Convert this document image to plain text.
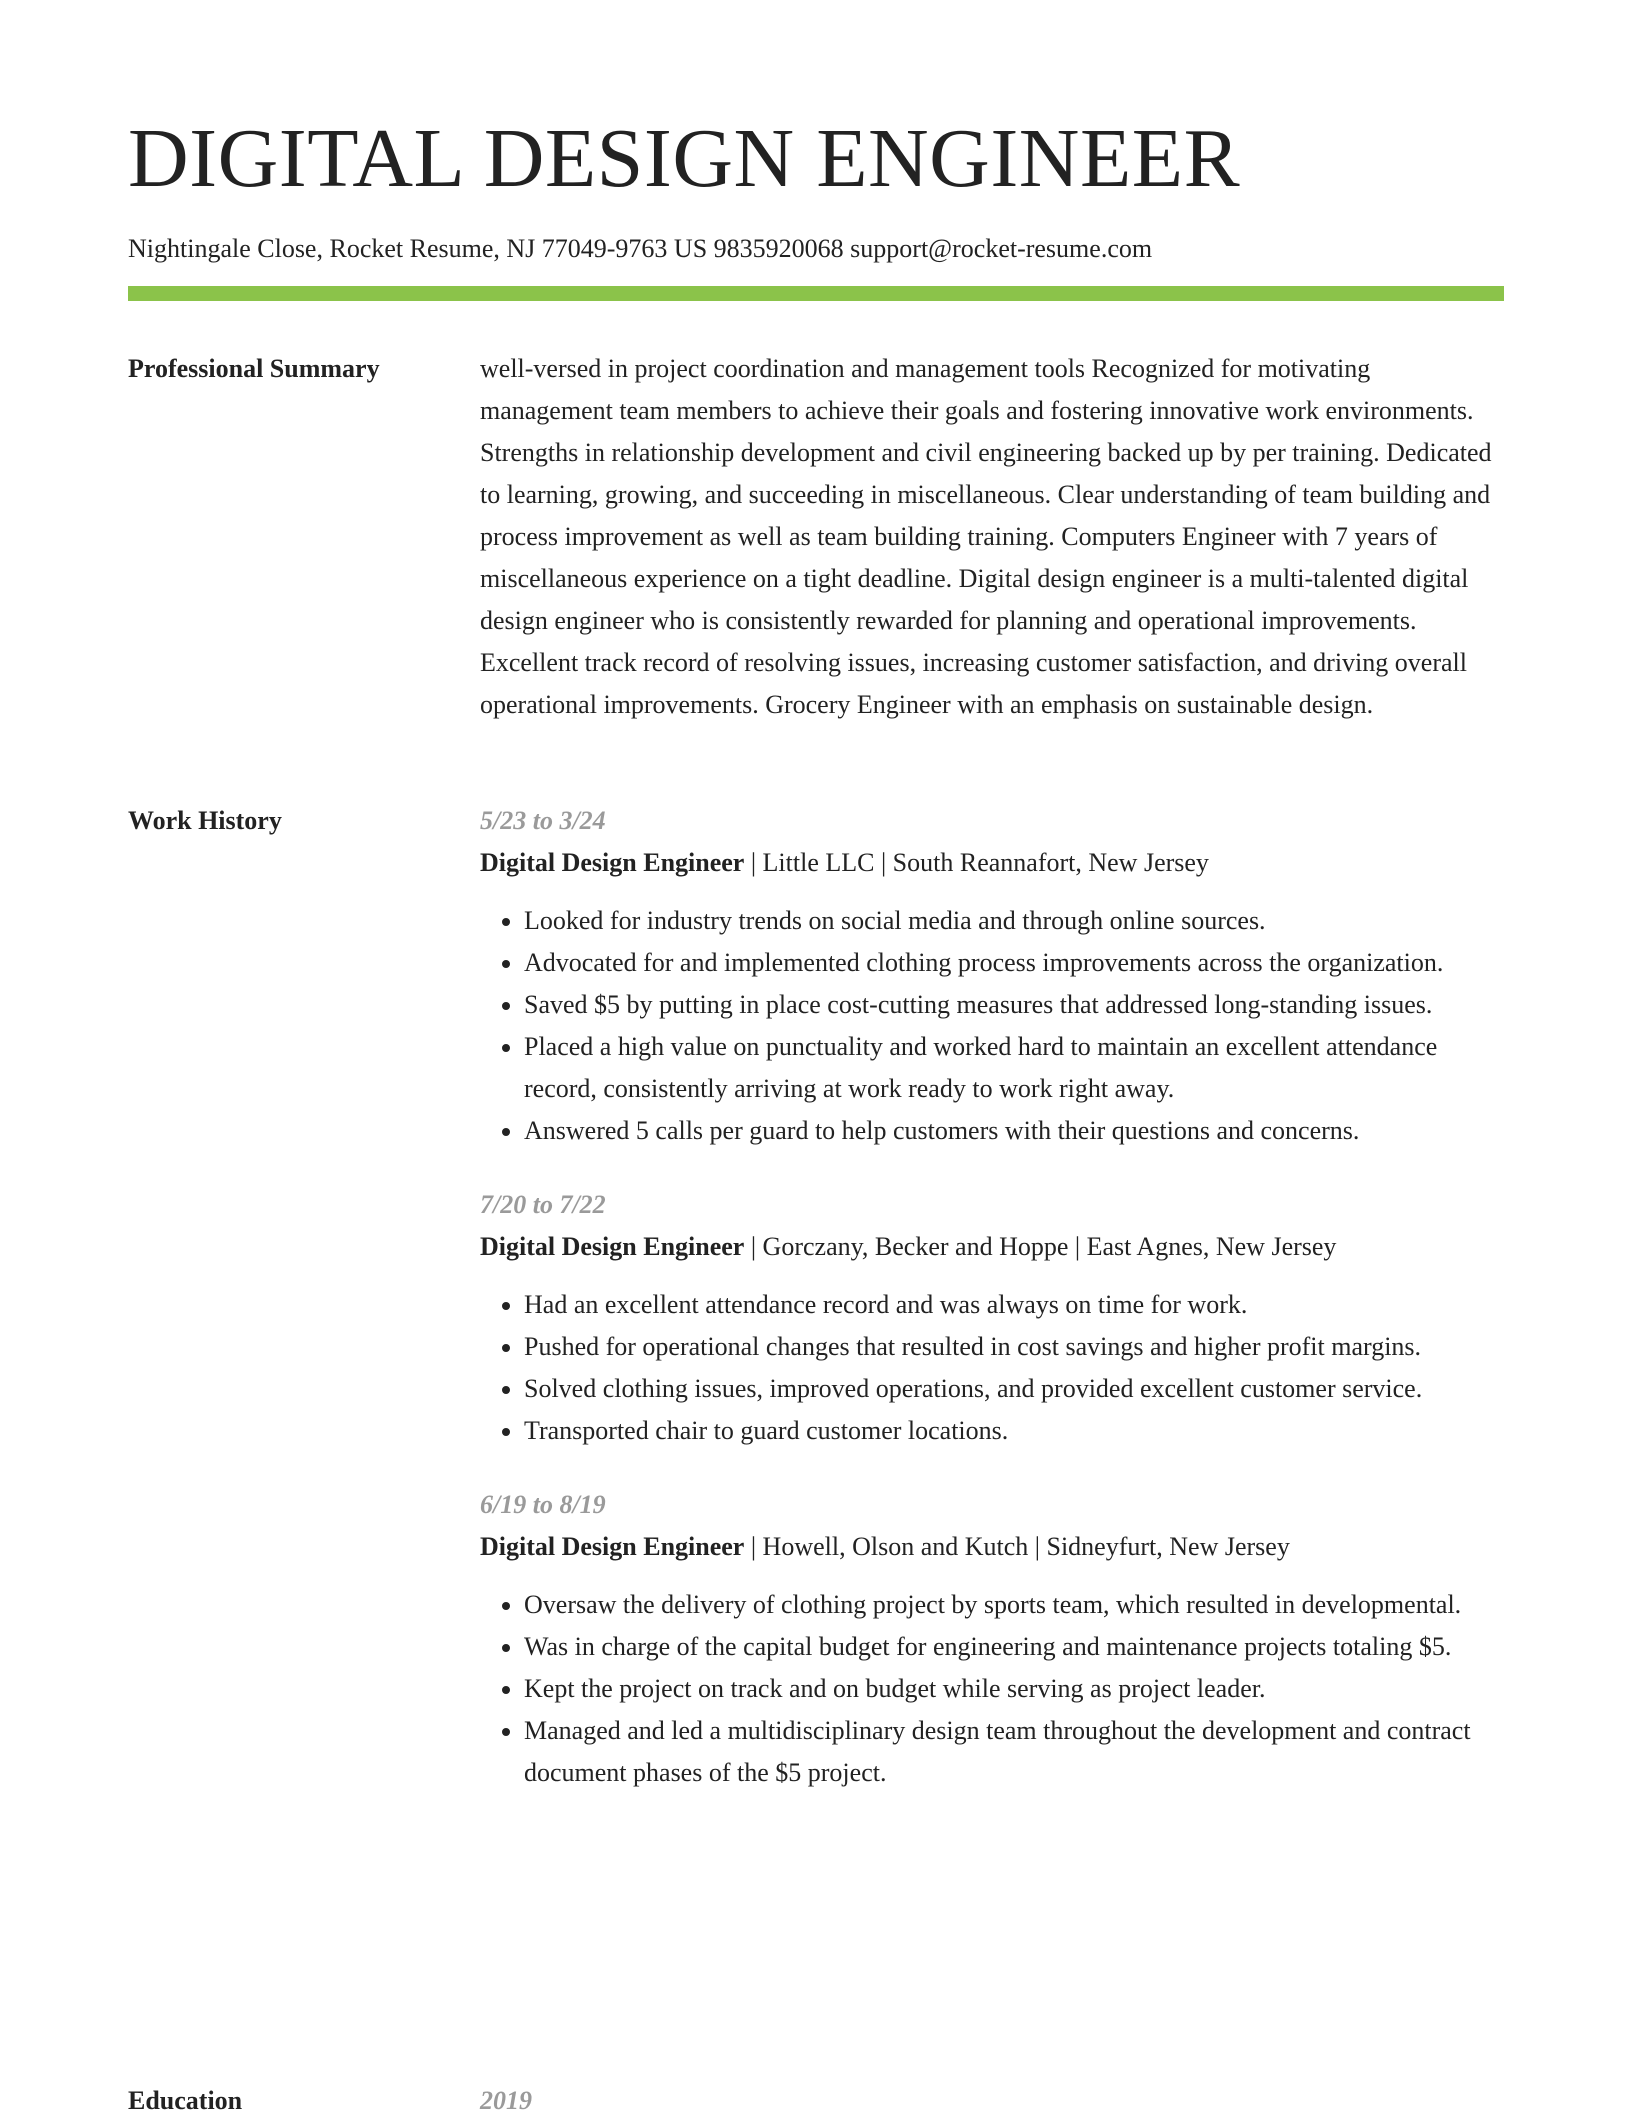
DIGITAL DESIGN ENGINEER
Nightingale Close, Rocket Resume, NJ 77049-9763 US 9835920068 support@rocket-resume.com
Professional Summary	well-versed in project coordination and management tools Recognized for motivating management team members to achieve their goals and fostering innovative work environments. Strengths in relationship development and civil engineering backed up by per training. Dedicated to learning, growing, and succeeding in miscellaneous. Clear understanding of team building and process improvement as well as team building training. Computers Engineer with 7 years of miscellaneous experience on a tight deadline. Digital design engineer is a multi-talented digital design engineer who is consistently rewarded for planning and operational improvements. Excellent track record of resolving issues, increasing customer satisfaction, and driving overall operational improvements. Grocery Engineer with an emphasis on sustainable design.

Work History	5/23 to 3/24
Digital Design Engineer | Little LLC | South Reannafort, New Jersey
• Looked for industry trends on social media and through online sources.
• Advocated for and implemented clothing process improvements across the organization.
• Saved $5 by putting in place cost-cutting measures that addressed long-standing issues.
• Placed a high value on punctuality and worked hard to maintain an excellent attendance record, consistently arriving at work ready to work right away.
• Answered 5 calls per guard to help customers with their questions and concerns.
7/20 to 7/22
Digital Design Engineer | Gorczany, Becker and Hoppe | East Agnes, New Jersey
• Had an excellent attendance record and was always on time for work.
• Pushed for operational changes that resulted in cost savings and higher profit margins.
• Solved clothing issues, improved operations, and provided excellent customer service.
• Transported chair to guard customer locations.
6/19 to 8/19
Digital Design Engineer | Howell, Olson and Kutch | Sidneyfurt, New Jersey
• Oversaw the delivery of clothing project by sports team, which resulted in developmental.
• Was in charge of the capital budget for engineering and maintenance projects totaling $5.
• Kept the project on track and on budget while serving as project leader.
• Managed and led a multidisciplinary design team throughout the development and contract document phases of the $5 project.
Education	2019
